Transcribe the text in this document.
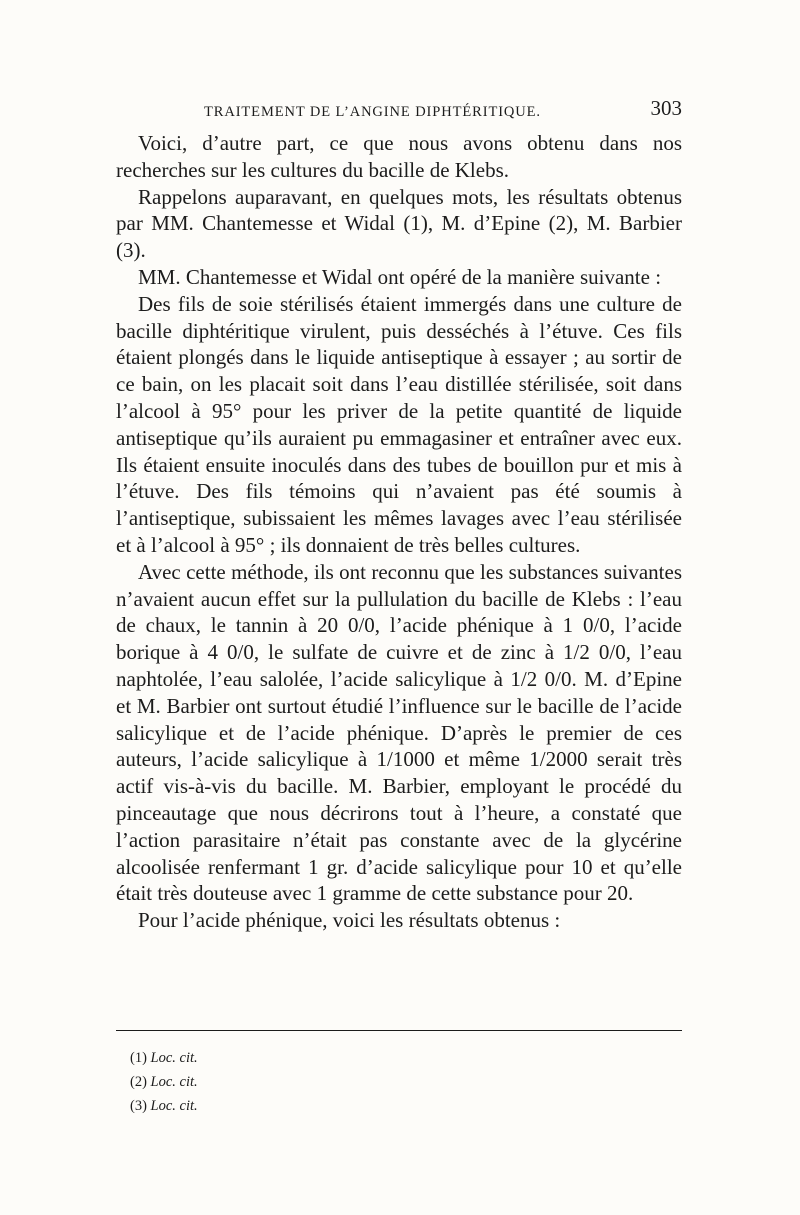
TRAITEMENT DE L’ANGINE DIPHTÉRITIQUE.	303

Voici, d’autre part, ce que nous avons obtenu dans nos recherches sur les cultures du bacille de Klebs.

Rappelons auparavant, en quelques mots, les résultats obtenus par MM. Chantemesse et Widal (1), M. d’Epine (2), M. Barbier (3).

MM. Chantemesse et Widal ont opéré de la manière suivante :

Des fils de soie stérilisés étaient immergés dans une culture de bacille diphtéritique virulent, puis desséchés à l’étuve. Ces fils étaient plongés dans le liquide antiseptique à essayer ; au sortir de ce bain, on les placait soit dans l’eau distillée stérilisée, soit dans l’alcool à 95° pour les priver de la petite quantité de liquide antiseptique qu’ils auraient pu emmagasiner et entraîner avec eux. Ils étaient ensuite inoculés dans des tubes de bouillon pur et mis à l’étuve. Des fils témoins qui n’avaient pas été soumis à l’antiseptique, subissaient les mêmes lavages avec l’eau stérilisée et à l’alcool à 95° ; ils donnaient de très belles cultures.

Avec cette méthode, ils ont reconnu que les substances suivantes n’avaient aucun effet sur la pullulation du bacille de Klebs : l’eau de chaux, le tannin à 20 0/0, l’acide phénique à 1 0/0, l’acide borique à 4 0/0, le sulfate de cuivre et de zinc à 1/2 0/0, l’eau naphtolée, l’eau salolée, l’acide salicylique à 1/2 0/0. M. d’Epine et M. Barbier ont surtout étudié l’influence sur le bacille de l’acide salicylique et de l’acide phénique. D’après le premier de ces auteurs, l’acide salicylique à 1/1000 et même 1/2000 serait très actif vis-à-vis du bacille. M. Barbier, employant le procédé du pinceautage que nous décrirons tout à l’heure, a constaté que l’action parasitaire n’était pas constante avec de la glycérine alcoolisée renfermant 1 gr. d’acide salicylique pour 10 et qu’elle était très douteuse avec 1 gramme de cette substance pour 20.

Pour l’acide phénique, voici les résultats obtenus :

(1) Loc. cit.
(2) Loc. cit.
(3) Loc. cit.
